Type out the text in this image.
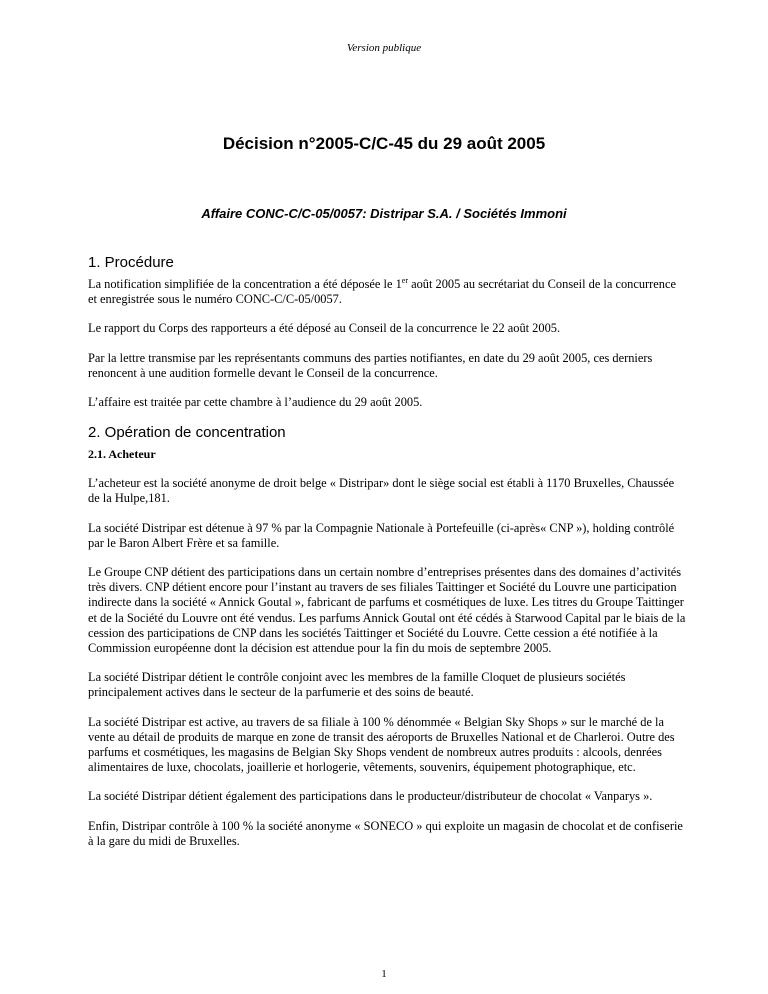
Version publique
Décision n°2005-C/C-45 du 29 août 2005
Affaire CONC-C/C-05/0057: Distripar S.A. / Sociétés Immoni
1. Procédure

La notification simplifiée de la concentration a été déposée le 1er août 2005 au secrétariat du Conseil de la concurrence et enregistrée sous le numéro CONC-C/C-05/0057.

Le rapport du Corps des rapporteurs a été déposé au Conseil de la concurrence le 22 août 2005.

Par la lettre transmise par les représentants communs des parties notifiantes, en date du 29 août 2005, ces derniers renoncent à une audition formelle devant le Conseil de la concurrence.

L’affaire est traitée par cette chambre à l’audience du 29 août 2005.

2. Opération de concentration
2.1. Acheteur

L’acheteur est la société anonyme de droit belge « Distripar» dont le siège social est établi à 1170 Bruxelles, Chaussée de la Hulpe,181.

La société Distripar est détenue à 97 % par la Compagnie Nationale à Portefeuille (ci-après« CNP »), holding contrôlé par le Baron Albert Frère et sa famille.

Le Groupe CNP détient des participations dans un certain nombre d’entreprises présentes dans des domaines d’activités très divers. CNP détient encore pour l’instant au travers de ses filiales Taittinger et Société du Louvre une participation indirecte dans la société « Annick Goutal », fabricant de parfums et cosmétiques de luxe. Les titres du Groupe Taittinger et de la Société du Louvre ont été vendus. Les parfums Annick Goutal ont été cédés à Starwood Capital par le biais de la cession des participations de CNP dans les sociétés Taittinger et Société du Louvre. Cette cession a été notifiée à la Commission européenne dont la décision est attendue pour la fin du mois de septembre 2005.

La société Distripar détient le contrôle conjoint avec les membres de la famille Cloquet de plusieurs sociétés principalement actives dans le secteur de la parfumerie et des soins de beauté.

La société Distripar est active, au travers de sa filiale à 100 % dénommée « Belgian Sky Shops » sur le marché de la vente au détail de produits de marque en zone de transit des aéroports de Bruxelles National et de Charleroi. Outre des parfums et cosmétiques, les magasins de Belgian Sky Shops vendent de nombreux autres produits : alcools, denrées alimentaires de luxe, chocolats, joaillerie et horlogerie, vêtements, souvenirs, équipement photographique, etc.

La société Distripar détient également des participations dans le producteur/distributeur de chocolat « Vanparys ».

Enfin, Distripar contrôle à 100 % la société anonyme « SONECO » qui exploite un magasin de chocolat et de confiserie à la gare du midi de Bruxelles.

1
